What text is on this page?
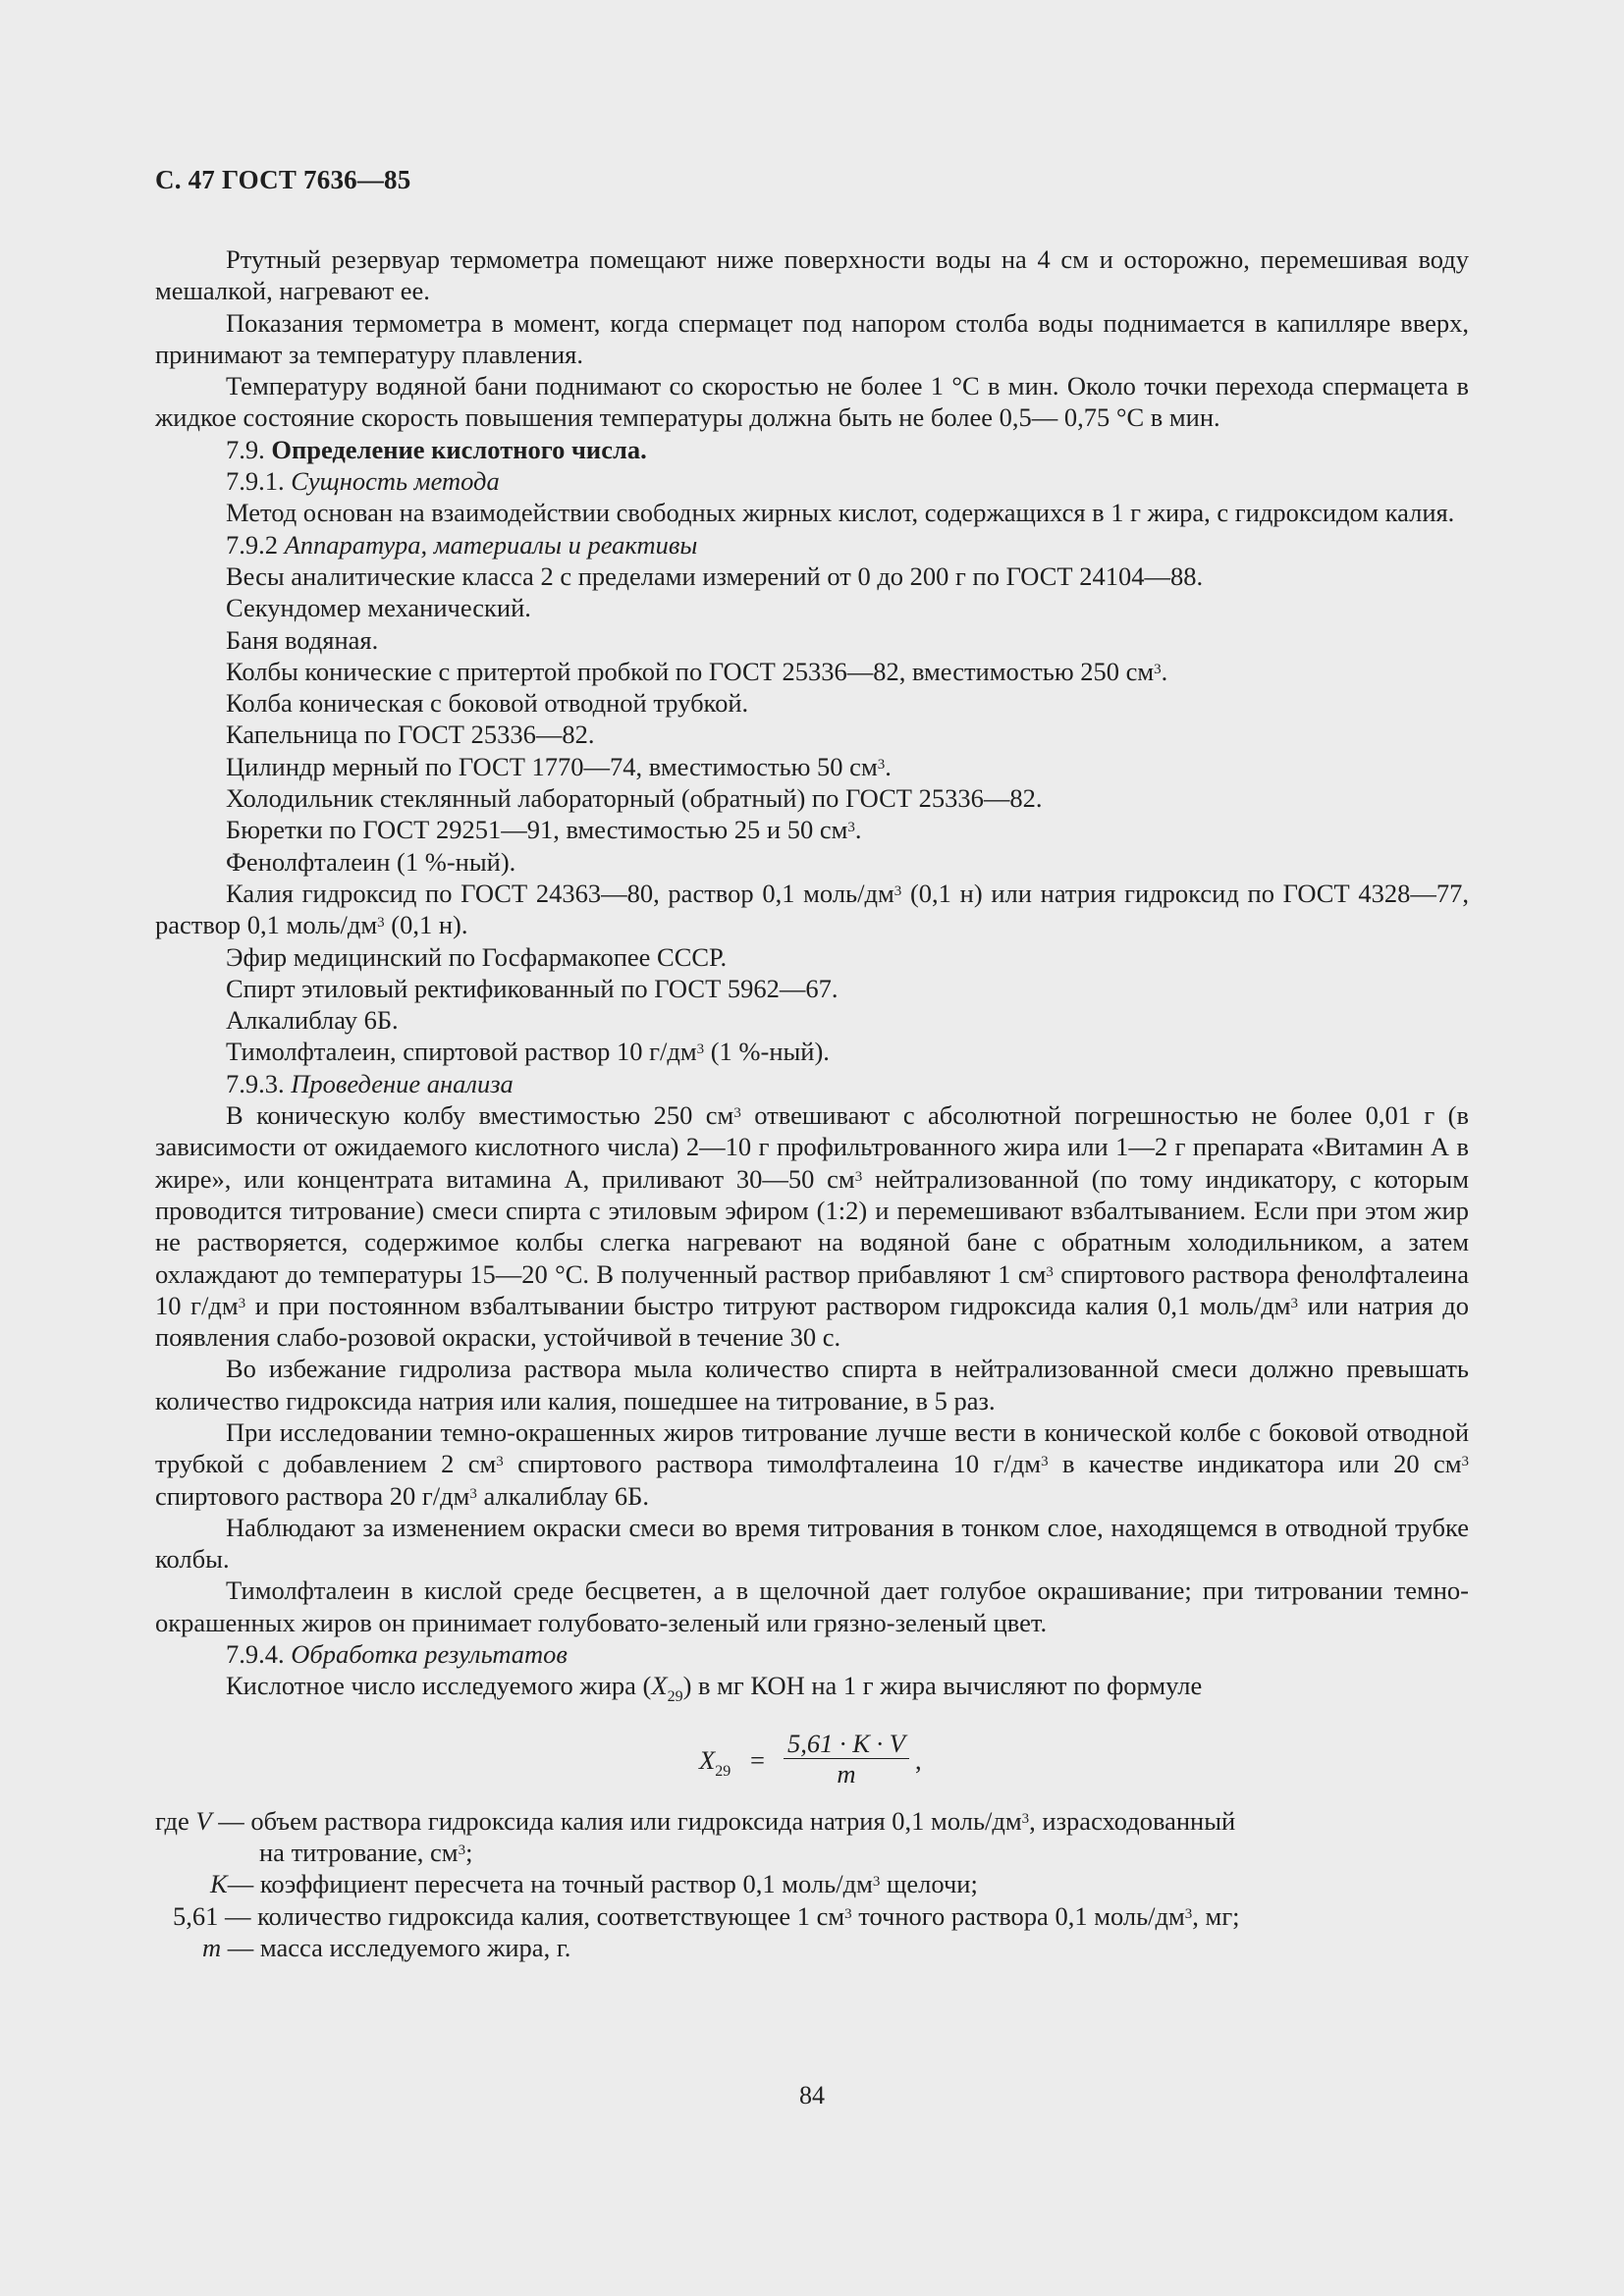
С. 47 ГОСТ 7636—85

Ртутный резервуар термометра помещают ниже поверхности воды на 4 см и осторожно, перемешивая воду мешалкой, нагревают ее.

Показания термометра в момент, когда спермацет под напором столба воды поднимается в капилляре вверх, принимают за температуру плавления.

Температуру водяной бани поднимают со скоростью не более 1 °С в мин. Около точки перехода спермацета в жидкое состояние скорость повышения температуры должна быть не более 0,5— 0,75 °С в мин.

7.9. Определение кислотного числа.

7.9.1. Сущность метода

Метод основан на взаимодействии свободных жирных кислот, содержащихся в 1 г жира, с гидроксидом калия.

7.9.2 Аппаратура, материалы и реактивы

Весы аналитические класса 2 с пределами измерений от 0 до 200 г по ГОСТ 24104—88.

Секундомер механический.

Баня водяная.

Колбы конические с притертой пробкой по ГОСТ 25336—82, вместимостью 250 $см^3$.

Колба коническая с боковой отводной трубкой.

Капельница по ГОСТ 25336—82.

Цилиндр мерный по ГОСТ 1770—74, вместимостью 50 $см^3$.

Холодильник стеклянный лабораторный (обратный) по ГОСТ 25336—82.

Бюретки по ГОСТ 29251—91, вместимостью 25 и 50 $см^3$.

Фенолфталеин (1 %-ный).

Калия гидроксид по ГОСТ 24363—80, раствор 0,1 моль/$дм^3$ (0,1 н) или натрия гидроксид по ГОСТ 4328—77, раствор 0,1 моль/$дм^3$ (0,1 н).

Эфир медицинский по Госфармакопее СССР.

Спирт этиловый ректификованный по ГОСТ 5962—67.

Алкалиблау 6Б.

Тимолфталеин, спиртовой раствор 10 $г/дм^3$ (1 %-ный).

7.9.3. Проведение анализа

В коническую колбу вместимостью 250 $см^3$ отвешивают с абсолютной погрешностью не более 0,01 г (в зависимости от ожидаемого кислотного числа) 2—10 г профильтрованного жира или 1—2 г препарата «Витамин А в жире», или концентрата витамина А, приливают 30—50 $см^3$ нейтрализованной (по тому индикатору, с которым проводится титрование) смеси спирта с этиловым эфиром (1:2) и перемешивают взбалтыванием. Если при этом жир не растворяется, содержимое колбы слегка нагревают на водяной бане с обратным холодильником, а затем охлаждают до температуры 15—20 °С. В полученный раствор прибавляют 1 $см^3$ спиртового раствора фенолфталеина 10 $г/дм^3$ и при постоянном взбалтывании быстро титруют раствором гидроксида калия 0,1 моль/$дм^3$ или натрия до появления слабо-розовой окраски, устойчивой в течение 30 с.

Во избежание гидролиза раствора мыла количество спирта в нейтрализованной смеси должно превышать количество гидроксида натрия или калия, пошедшее на титрование, в 5 раз.

При исследовании темно-окрашенных жиров титрование лучше вести в конической колбе с боковой отводной трубкой с добавлением 2 $см^3$ спиртового раствора тимолфталеина 10 $г/дм^3$ в качестве индикатора или 20 $см^3$ спиртового раствора 20 $г/дм^3$ алкалиблау 6Б.

Наблюдают за изменением окраски смеси во время титрования в тонком слое, находящемся в отводной трубке колбы.

Тимолфталеин в кислой среде бесцветен, а в щелочной дает голубое окрашивание; при титровании темно-окрашенных жиров он принимает голубовато-зеленый или грязно-зеленый цвет.

7.9.4. Обработка результатов

Кислотное число исследуемого жира $(X_{29})$ в мг КОН на 1 г жира вычисляют по формуле

$X_{29}$ =
5,61 · K · V
m	,
где V — объем раствора гидроксида калия или гидроксида натрия 0,1 моль/$дм^3$, израсходованный
на титрование, $см^3$;
K— коэффициент пересчета на точный раствор 0,1 моль/$дм^3$ щелочи;
5,61 — количество гидроксида калия, соответствующее 1 $см^3$ точного раствора 0,1 моль/$дм^3$, мг;
m — масса исследуемого жира, г.
84
